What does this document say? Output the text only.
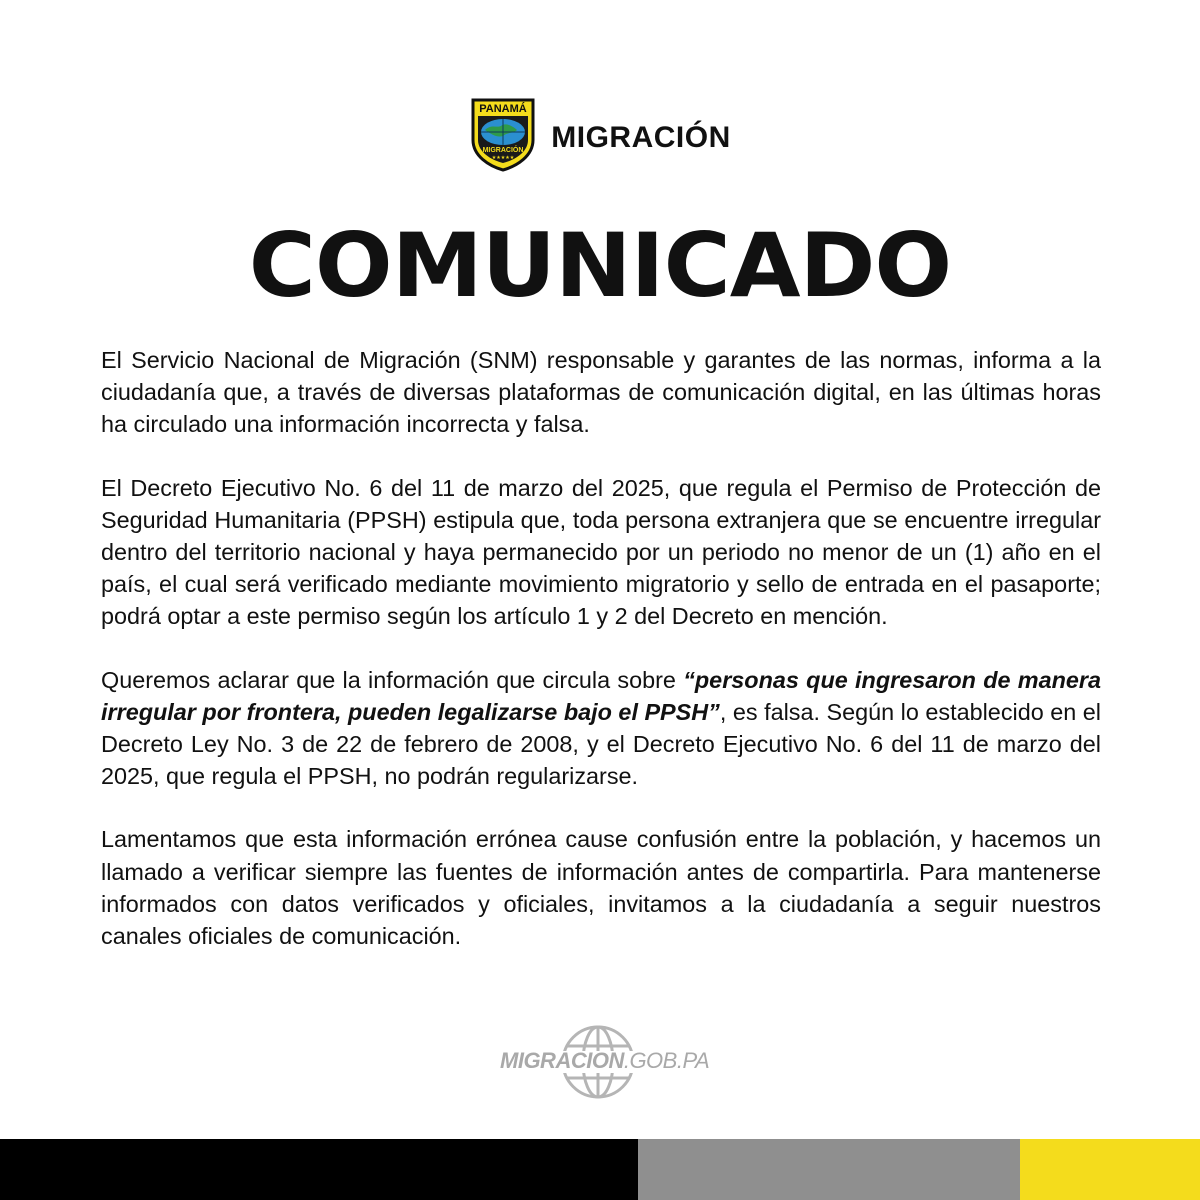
PANAMÁ
MIGRACIÓN
★★★★★
MIGRACIÓN
COMUNICADO

El Servicio Nacional de Migración (SNM) responsable y garantes de las normas, informa a la ciudadanía que, a través de diversas plataformas de comunicación digital, en las últimas horas ha circulado una información incorrecta y falsa.

El Decreto Ejecutivo No. 6 del 11 de marzo del 2025, que regula el Permiso de Protección de Seguridad Humanitaria (PPSH) estipula que, toda persona extranjera que se encuentre irregular dentro del territorio nacional y haya permanecido por un periodo no menor de un (1) año en el país, el cual será verificado mediante movimiento migratorio y sello de entrada en el pasaporte; podrá optar a este permiso según los artículo 1 y 2 del Decreto en mención.

Queremos aclarar que la información que circula sobre “personas que ingresaron de manera irregular por frontera, pueden legalizarse bajo el PPSH”, es falsa. Según lo establecido en el Decreto Ley No. 3 de 22 de febrero de 2008, y el Decreto Ejecutivo No. 6 del 11 de marzo del 2025, que regula el PPSH, no podrán regularizarse.

Lamentamos que esta información errónea cause confusión entre la población, y hacemos un llamado a verificar siempre las fuentes de información antes de compartirla. Para mantenerse informados con datos verificados y oficiales, invitamos a la ciudadanía a seguir nuestros canales oficiales de comunicación.

MIGRACION.GOB.PA
